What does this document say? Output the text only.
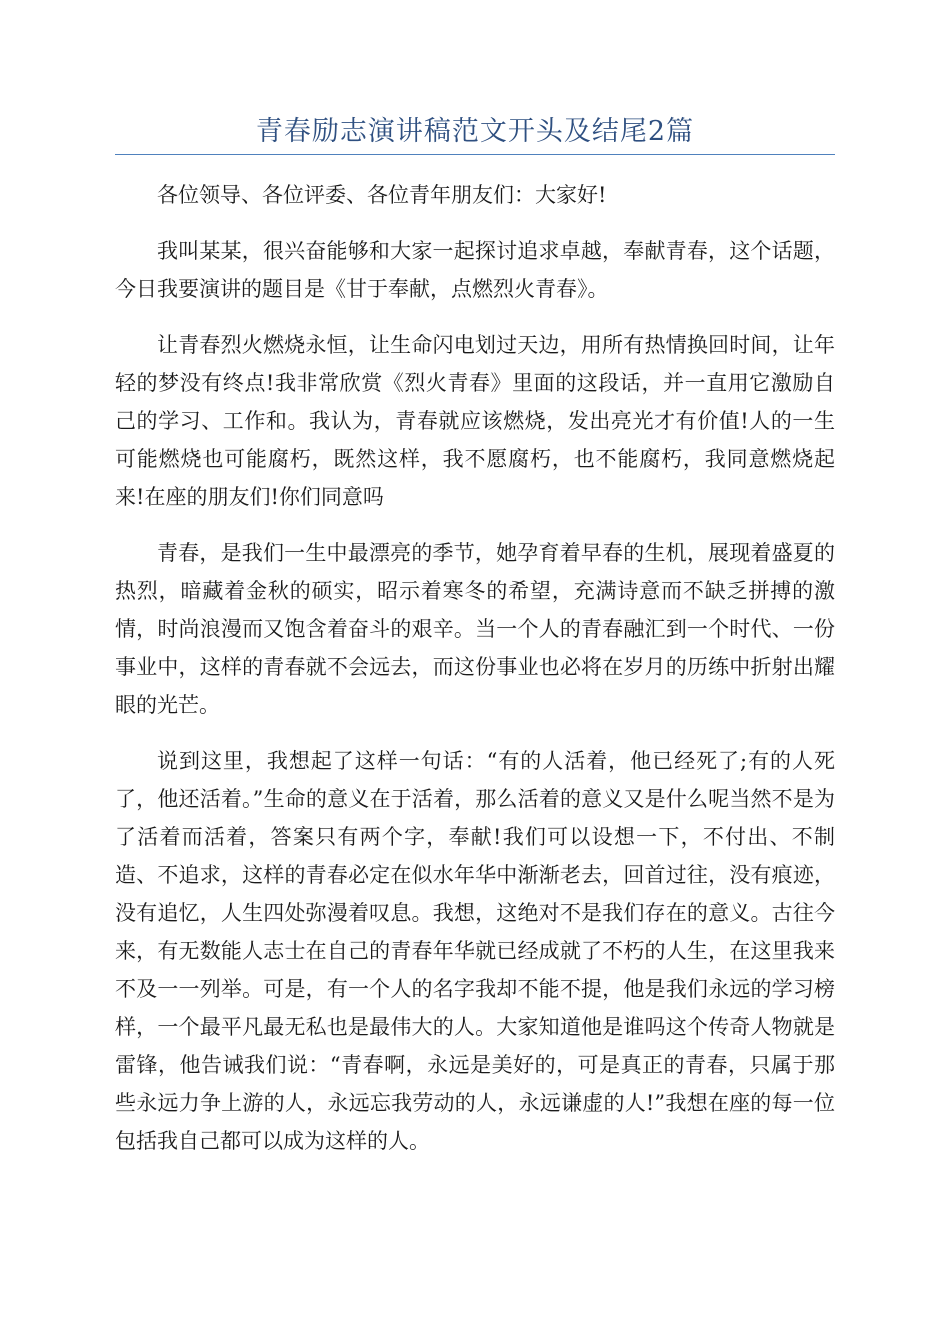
青春励志演讲稿范文开头及结尾2篇

各位领导、各位评委、各位青年朋友们：大家好!

我叫某某，很兴奋能够和大家一起探讨追求卓越，奉献青春，这个话题，今日我要演讲的题目是《甘于奉献，点燃烈火青春》。

让青春烈火燃烧永恒，让生命闪电划过天边，用所有热情换回时间，让年轻的梦没有终点!我非常欣赏《烈火青春》里面的这段话，并一直用它激励自己的学习、工作和。我认为，青春就应该燃烧，发出亮光才有价值!人的一生可能燃烧也可能腐朽，既然这样，我不愿腐朽，也不能腐朽，我同意燃烧起来!在座的朋友们!你们同意吗

青春，是我们一生中最漂亮的季节，她孕育着早春的生机，展现着盛夏的热烈，暗藏着金秋的硕实，昭示着寒冬的希望，充满诗意而不缺乏拼搏的激情，时尚浪漫而又饱含着奋斗的艰辛。当一个人的青春融汇到一个时代、一份事业中，这样的青春就不会远去，而这份事业也必将在岁月的历练中折射出耀眼的光芒。

说到这里，我想起了这样一句话：“有的人活着，他已经死了;有的人死了，他还活着。”生命的意义在于活着，那么活着的意义又是什么呢当然不是为了活着而活着，答案只有两个字，奉献!我们可以设想一下，不付出、不制造、不追求，这样的青春必定在似水年华中渐渐老去，回首过往，没有痕迹，没有追忆，人生四处弥漫着叹息。我想，这绝对不是我们存在的意义。古往今来，有无数能人志士在自己的青春年华就已经成就了不朽的人生，在这里我来不及一一列举。可是，有一个人的名字我却不能不提，他是我们永远的学习榜样，一个最平凡最无私也是最伟大的人。大家知道他是谁吗这个传奇人物就是雷锋，他告诫我们说：“青春啊，永远是美好的，可是真正的青春，只属于那些永远力争上游的人，永远忘我劳动的人，永远谦虚的人!”我想在座的每一位包括我自己都可以成为这样的人。
